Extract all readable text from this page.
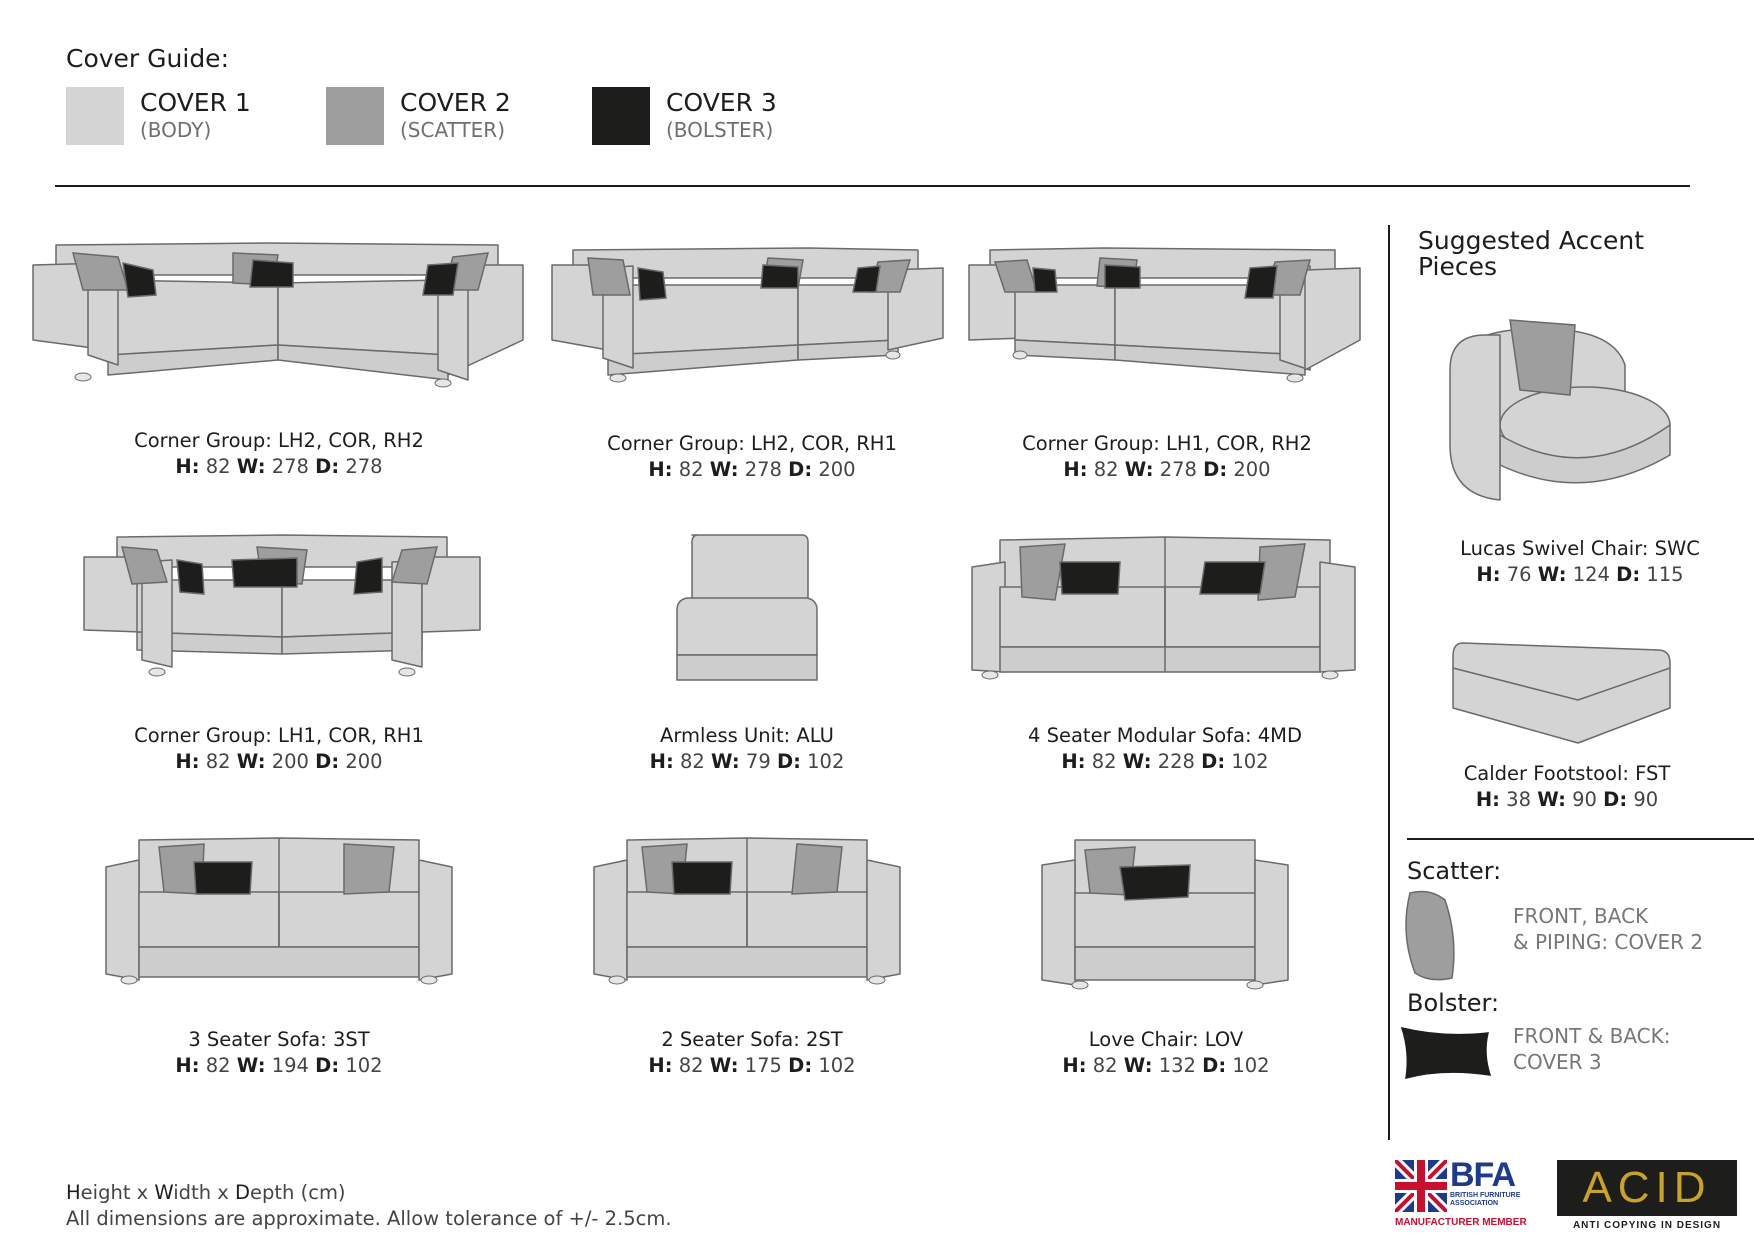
Cover Guide:
COVER 1
(BODY)
COVER 2
(SCATTER)
COVER 3
(BOLSTER)
Corner Group: LH2, COR, RH2
H: 82 W: 278 D: 278
Corner Group: LH2, COR, RH1
H: 82 W: 278 D: 200
Corner Group: LH1, COR, RH2
H: 82 W: 278 D: 200
Corner Group: LH1, COR, RH1
H: 82 W: 200 D: 200
Armless Unit: ALU
H: 82 W: 79 D: 102
4 Seater Modular Sofa: 4MD
H: 82 W: 228 D: 102
3 Seater Sofa: 3ST
H: 82 W: 194 D: 102
2 Seater Sofa: 2ST
H: 82 W: 175 D: 102
Love Chair: LOV
H: 82 W: 132 D: 102
Suggested Accent Pieces
Lucas Swivel Chair: SWC
H: 76 W: 124 D: 115
Calder Footstool: FST
H: 38 W: 90 D: 90
Scatter:
FRONT, BACK
& PIPING: COVER 2
Bolster:
FRONT & BACK:
COVER 3
Height x Width x Depth (cm)
All dimensions are approximate. Allow tolerance of +/- 2.5cm.
BFA
BRITISH FURNITURE
ASSOCIATION
MANUFACTURER MEMBER
ACID
ANTI COPYING IN DESIGN
